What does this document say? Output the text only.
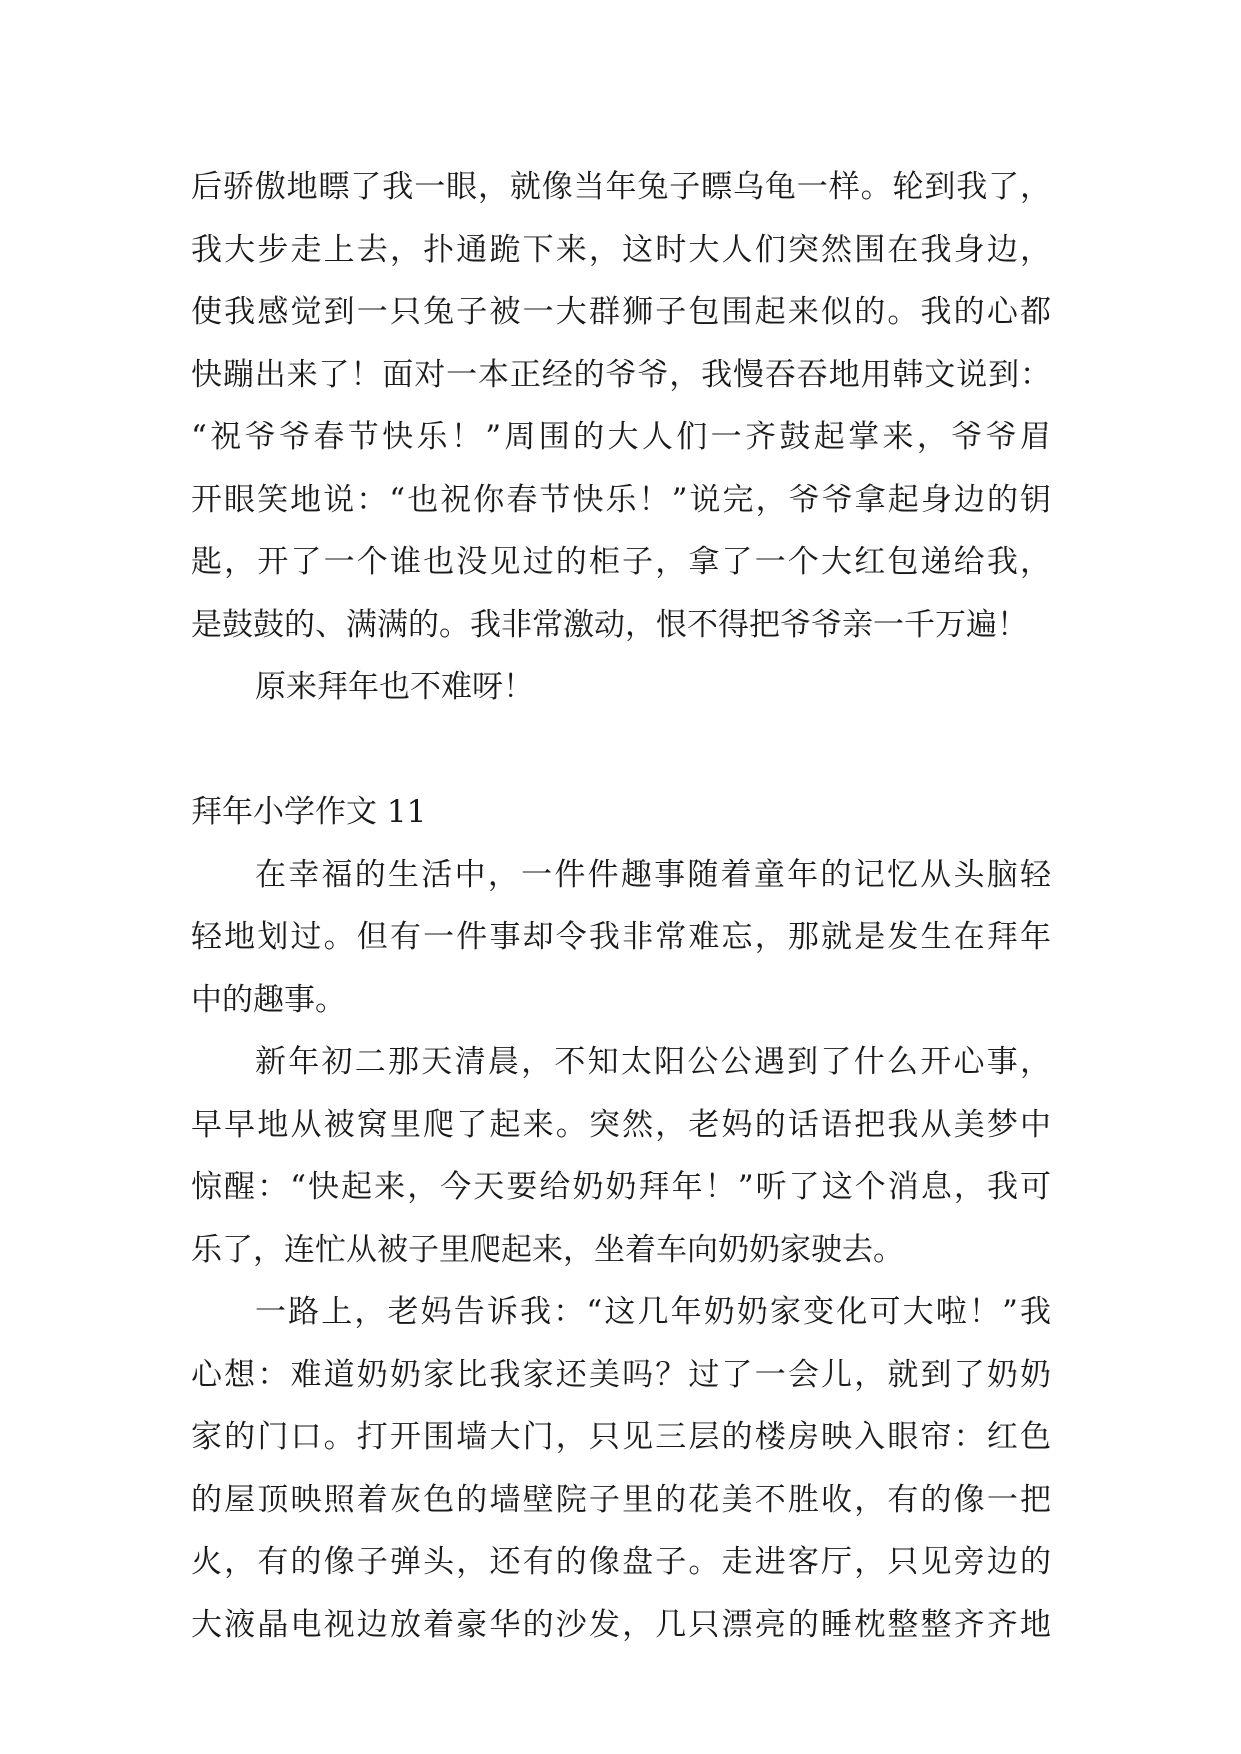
后骄傲地瞟了我一眼，就像当年兔子瞟乌龟一样。轮到我了，
我大步走上去，扑通跪下来，这时大人们突然围在我身边，
使我感觉到一只兔子被一大群狮子包围起来似的。我的心都
快蹦出来了！面对一本正经的爷爷，我慢吞吞地用韩文说到：
“祝爷爷春节快乐！”周围的大人们一齐鼓起掌来，爷爷眉
开眼笑地说：“也祝你春节快乐！”说完，爷爷拿起身边的钥
匙，开了一个谁也没见过的柜子，拿了一个大红包递给我，
是鼓鼓的、满满的。我非常激动，恨不得把爷爷亲一千万遍！
原来拜年也不难呀！
拜年小学作文 11
在幸福的生活中，一件件趣事随着童年的记忆从头脑轻
轻地划过。但有一件事却令我非常难忘，那就是发生在拜年
中的趣事。
新年初二那天清晨，不知太阳公公遇到了什么开心事，
早早地从被窝里爬了起来。突然，老妈的话语把我从美梦中
惊醒：“快起来，今天要给奶奶拜年！”听了这个消息，我可
乐了，连忙从被子里爬起来，坐着车向奶奶家驶去。
一路上，老妈告诉我：“这几年奶奶家变化可大啦！”我
心想：难道奶奶家比我家还美吗？过了一会儿，就到了奶奶
家的门口。打开围墙大门，只见三层的楼房映入眼帘：红色
的屋顶映照着灰色的墙壁院子里的花美不胜收，有的像一把
火，有的像子弹头，还有的像盘子。走进客厅，只见旁边的
大液晶电视边放着豪华的沙发，几只漂亮的睡枕整整齐齐地
